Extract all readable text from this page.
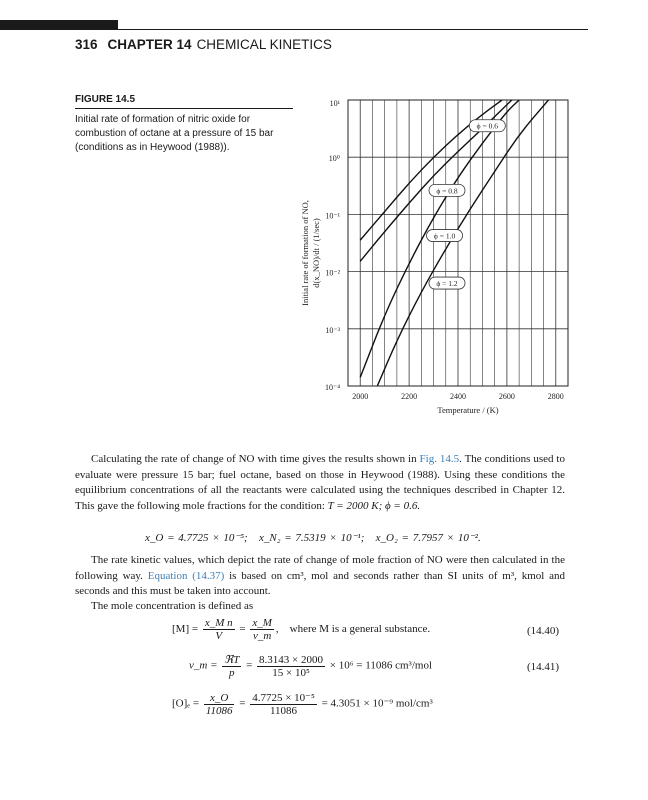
316 CHAPTER 14 CHEMICAL KINETICS
FIGURE 14.5
Initial rate of formation of nitric oxide for combustion of octane at a pressure of 15 bar (conditions as in Heywood (1988)).
10¹
10⁰
10⁻¹
10⁻²
10⁻³
10⁻⁴
2000	2200	2400	2600	2800
Temperature / (K)
Initial rate of formation of NO, d(x_NO)/dt / (1/sec)
ϕ = 0.6
ϕ = 0.8
ϕ = 1.0
ϕ = 1.2
Calculating the rate of change of NO with time gives the results shown in Fig. 14.5. The conditions used to evaluate were pressure 15 bar; fuel octane, based on those in Heywood (1988). Using these conditions the equilibrium concentrations of all the reactants were calculated using the techniques described in Chapter 12. This gave the following mole fractions for the condition: T = 2000 K; ϕ = 0.6.
x_O = 4.7725 × 10⁻⁵; x_N₂ = 7.5319 × 10⁻¹; x_O₂ = 7.7957 × 10⁻².
The rate kinetic values, which depict the rate of change of mole fraction of NO were then calculated in the following way. Equation (14.37) is based on cm³, mol and seconds rather than SI units of m³, kmol and seconds and this must be taken into account.
The mole concentration is defined as
$[M] = \frac{\text{x\_M n}}{V} = \frac{x\_M}{v\_m}$ , where M is a general substance.	(14.40)
v_m = $\frac{\text{ℜT}}{p} = \frac{8.3143 \times 2000}{\text{15 × 10⁵}} \times 10^6 = 11086$ cm³/mol	(14.41)
$[O]_e = \frac{x\_O}{11086} = \frac{\text{4.7725 × 10⁻⁵}}{11086} = 4.3051 \times 10^{-9}$ mol/cm³
